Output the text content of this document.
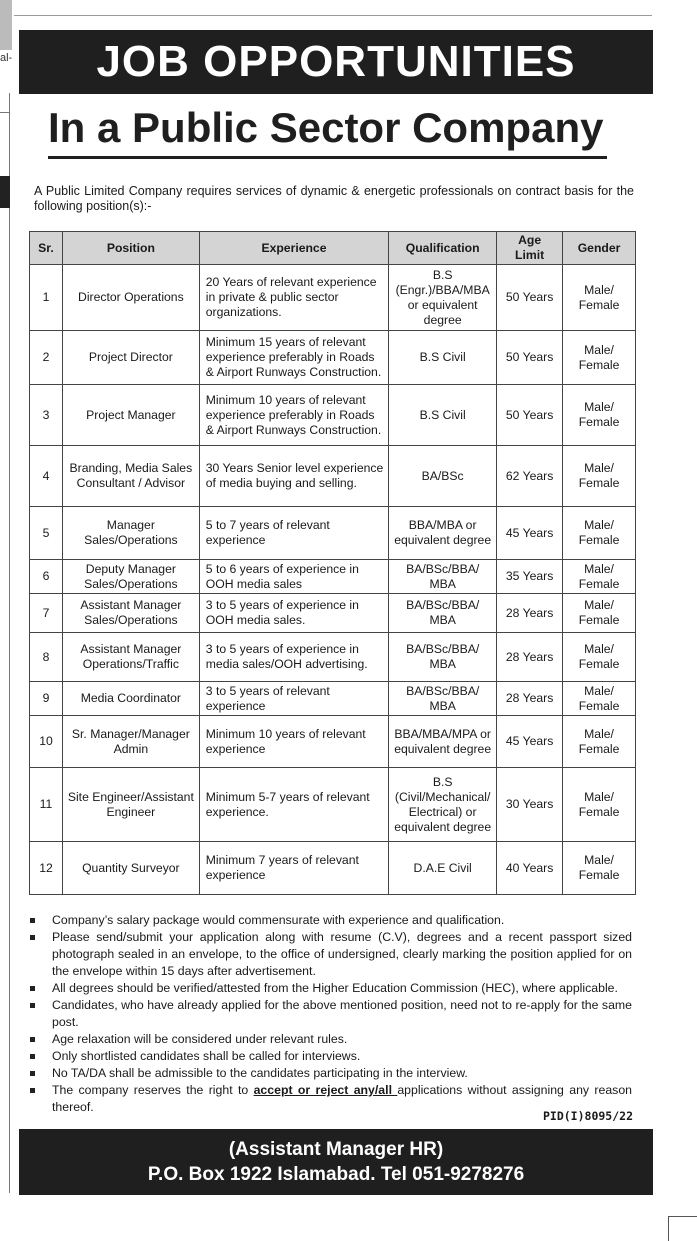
al- JOB OPPORTUNITIES
In a Public Sector Company
A Public Limited Company requires services of dynamic & energetic professionals on contract basis for the following position(s):-
Sr.	Position	Experience	Qualification	Age Limit	Gender
1	Director Operations	20 Years of relevant experience in private & public sector organizations.	B.S (Engr.)/BBA/MBA or equivalent degree	50 Years	Male/ Female
2	Project Director	Minimum 15 years of relevant experience preferably in Roads & Airport Runways Construction.	B.S Civil	50 Years	Male/ Female
3	Project Manager	Minimum 10 years of relevant experience preferably in Roads & Airport Runways Construction.	B.S Civil	50 Years	Male/ Female
4	Branding, Media Sales Consultant / Advisor	30 Years Senior level experience of media buying and selling.	BA/BSc	62 Years	Male/ Female
5	Manager Sales/Operations	5 to 7 years of relevant experience	BBA/MBA or equivalent degree	45 Years	Male/ Female
6	Deputy Manager Sales/Operations	5 to 6 years of experience in OOH media sales	BA/BSc/BBA/ MBA	35 Years	Male/ Female
7	Assistant Manager Sales/Operations	3 to 5 years of experience in OOH media sales.	BA/BSc/BBA/ MBA	28 Years	Male/ Female
8	Assistant Manager Operations/Traffic	3 to 5 years of experience in media sales/OOH advertising.	BA/BSc/BBA/ MBA	28 Years	Male/ Female
9	Media Coordinator	3 to 5 years of relevant experience	BA/BSc/BBA/ MBA	28 Years	Male/ Female
10	Sr. Manager/Manager Admin	Minimum 10 years of relevant experience	BBA/MBA/MPA or equivalent degree	45 Years	Male/ Female
11	Site Engineer/Assistant Engineer	Minimum 5-7 years of relevant experience.	B.S (Civil/Mechanical/ Electrical) or equivalent degree	30 Years	Male/ Female
12	Quantity Surveyor	Minimum 7 years of relevant experience	D.A.E Civil	40 Years	Male/ Female
Company’s salary package would commensurate with experience and qualification.
Please send/submit your application along with resume (C.V), degrees and a recent passport sized photograph sealed in an envelope, to the office of undersigned, clearly marking the position applied for on the envelope within 15 days after advertisement.
All degrees should be verified/attested from the Higher Education Commission (HEC), where applicable.
Candidates, who have already applied for the above mentioned position, need not to re-apply for the same post.
Age relaxation will be considered under relevant rules.
Only shortlisted candidates shall be called for interviews.
No TA/DA shall be admissible to the candidates participating in the interview.
The company reserves the right to accept or reject any/all applications without assigning any reason thereof.
PID(I)8095/22
(Assistant Manager HR)
P.O. Box 1922 Islamabad. Tel 051-9278276
